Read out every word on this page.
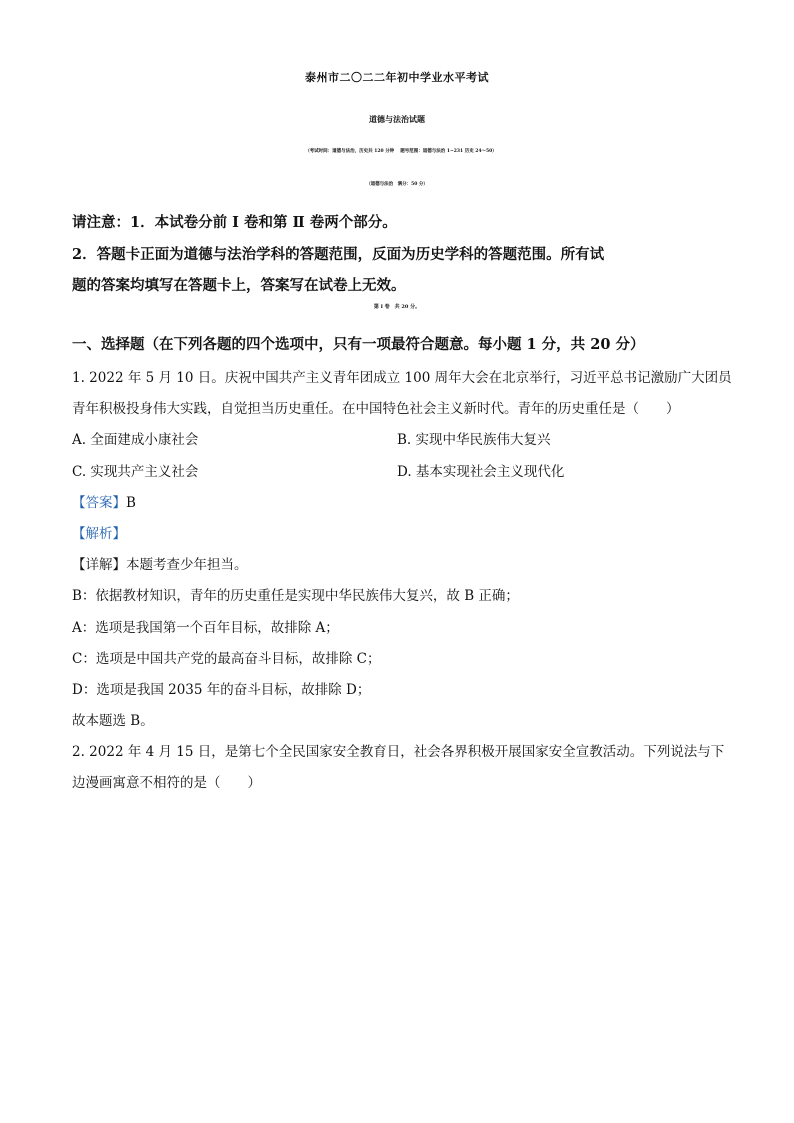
泰州市二〇二二年初中学业水平考试
道德与法治试题
（考试时间：道德与法治，历史共 120 分钟　 题号范围：道德与法治 1~231 历史 24～50）
（道德与法治　满分：50 分）
请注意：1．本试卷分前 Ⅰ 卷和第 Ⅱ 卷两个部分。
2．答题卡正面为道德与法治学科的答题范围，反面为历史学科的答题范围。所有试
题的答案均填写在答题卡上，答案写在试卷上无效。
第 Ⅰ 卷　共 20 分。
一、选择题（在下列各题的四个选项中，只有一项最符合题意。每小题 1 分，共 20 分）
1. 2022 年 5 月 10 日。庆祝中国共产主义青年团成立 100 周年大会在北京举行，习近平总书记激励广大团员
青年积极投身伟大实践，自觉担当历史重任。在中国特色社会主义新时代。青年的历史重任是（　　）
A. 全面建成小康社会	B. 实现中华民族伟大复兴
C. 实现共产主义社会	D. 基本实现社会主义现代化
【答案】B
【解析】
【详解】本题考查少年担当。
B：依据教材知识，青年的历史重任是实现中华民族伟大复兴，故 B 正确；
A：选项是我国第一个百年目标，故排除 A；
C：选项是中国共产党的最高奋斗目标，故排除 C；
D：选项是我国 2035 年的奋斗目标，故排除 D；
故本题选 B。
2. 2022 年 4 月 15 日，是第七个全民国家安全教育日，社会各界积极开展国家安全宣教活动。下列说法与下
边漫画寓意不相符的是（　　）
